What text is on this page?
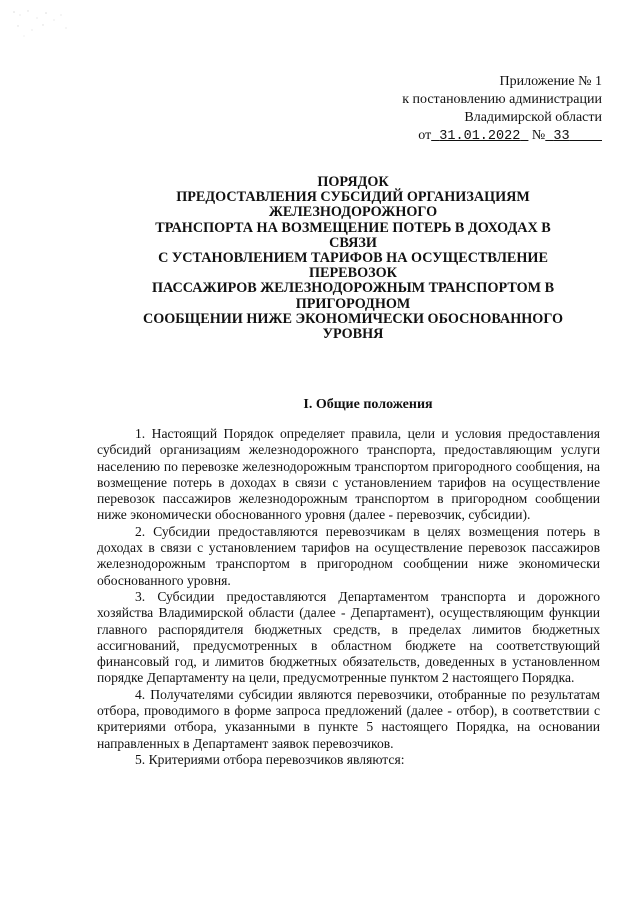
Приложение № 1
к постановлению администрации
Владимирской области
от 31.01.2022 № 33
ПОРЯДОК
ПРЕДОСТАВЛЕНИЯ СУБСИДИЙ ОРГАНИЗАЦИЯМ
ЖЕЛЕЗНОДОРОЖНОГО
ТРАНСПОРТА НА ВОЗМЕЩЕНИЕ ПОТЕРЬ В ДОХОДАХ В
СВЯЗИ
С УСТАНОВЛЕНИЕМ ТАРИФОВ НА ОСУЩЕСТВЛЕНИЕ
ПЕРЕВОЗОК
ПАССАЖИРОВ ЖЕЛЕЗНОДОРОЖНЫМ ТРАНСПОРТОМ В
ПРИГОРОДНОМ
СООБЩЕНИИ НИЖЕ ЭКОНОМИЧЕСКИ ОБОСНОВАННОГО
УРОВНЯ
I. Общие положения

1. Настоящий Порядок определяет правила, цели и условия предоставления субсидий организациям железнодорожного транспорта, предоставляющим услуги населению по перевозке железнодорожным транспортом пригородного сообщения, на возмещение потерь в доходах в связи с установлением тарифов на осуществление перевозок пассажиров железнодорожным транспортом в пригородном сообщении ниже экономически обоснованного уровня (далее - перевозчик, субсидии).

2. Субсидии предоставляются перевозчикам в целях возмещения потерь в доходах в связи с установлением тарифов на осуществление перевозок пассажиров железнодорожным транспортом в пригородном сообщении ниже экономически обоснованного уровня.

3. Субсидии предоставляются Департаментом транспорта и дорожного хозяйства Владимирской области (далее - Департамент), осуществляющим функции главного распорядителя бюджетных средств, в пределах лимитов бюджетных ассигнований, предусмотренных в областном бюджете на соответствующий финансовый год, и лимитов бюджетных обязательств, доведенных в установленном порядке Департаменту на цели, предусмотренные пунктом 2 настоящего Порядка.

4. Получателями субсидии являются перевозчики, отобранные по результатам отбора, проводимого в форме запроса предложений (далее - отбор), в соответствии с критериями отбора, указанными в пункте 5 настоящего Порядка, на основании направленных в Департамент заявок перевозчиков.

5. Критериями отбора перевозчиков являются:
